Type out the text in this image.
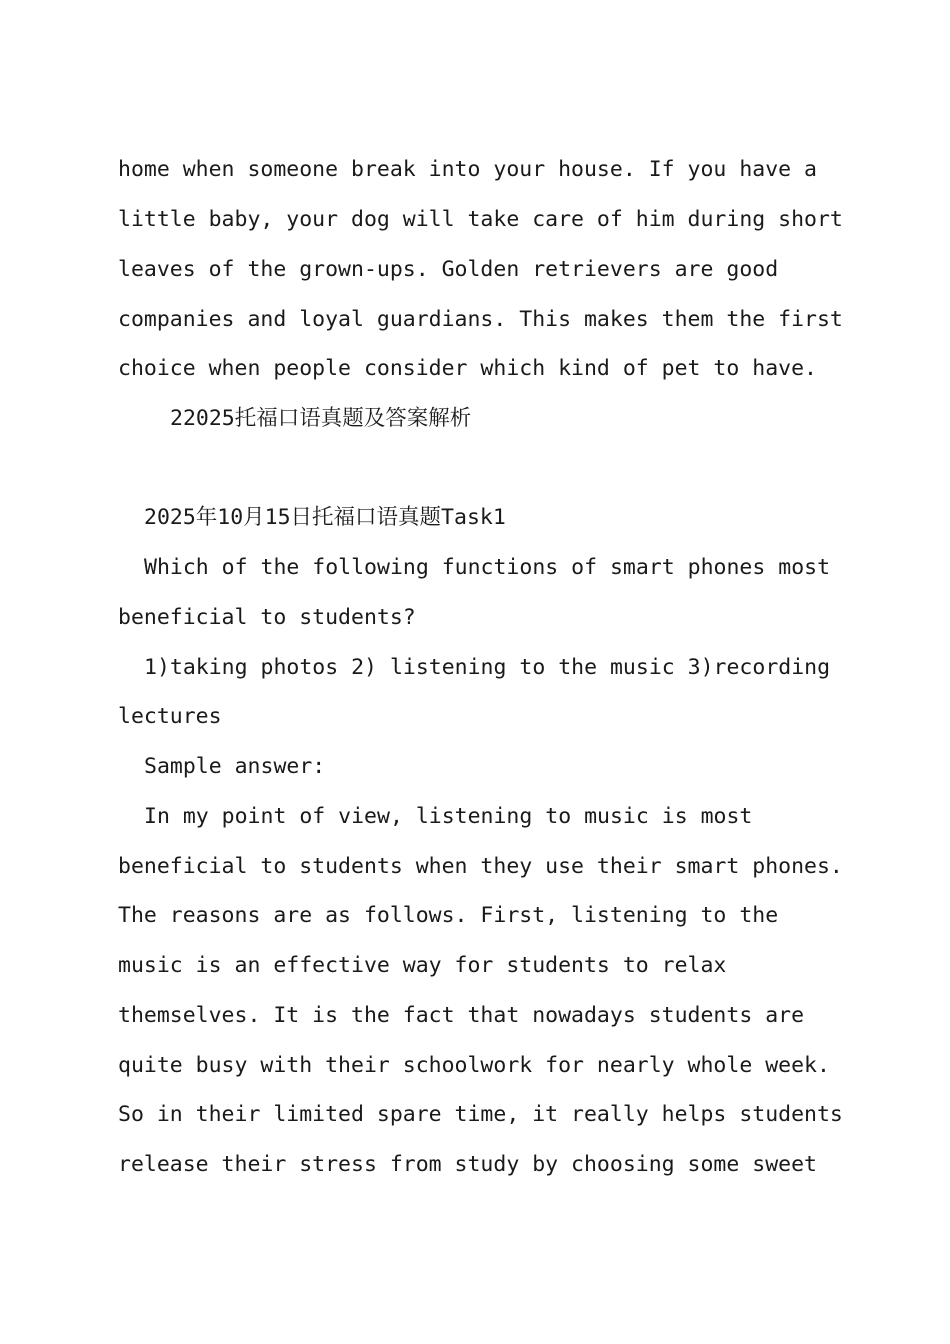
home when someone break into your house. If you have a
little baby, your dog will take care of him during short
leaves of the grown-ups. Golden retrievers are good
companies and loyal guardians. This makes them the first
choice when people consider which kind of pet to have.
22025托福口语真题及答案解析
2025年10月15日托福口语真题Task1
Which of the following functions of smart phones most
beneficial to students?
1)taking photos 2) listening to the music 3)recording
lectures
Sample answer:
In my point of view, listening to music is most
beneficial to students when they use their smart phones.
The reasons are as follows. First, listening to the
music is an effective way for students to relax
themselves. It is the fact that nowadays students are
quite busy with their schoolwork for nearly whole week.
So in their limited spare time, it really helps students
release their stress from study by choosing some sweet
